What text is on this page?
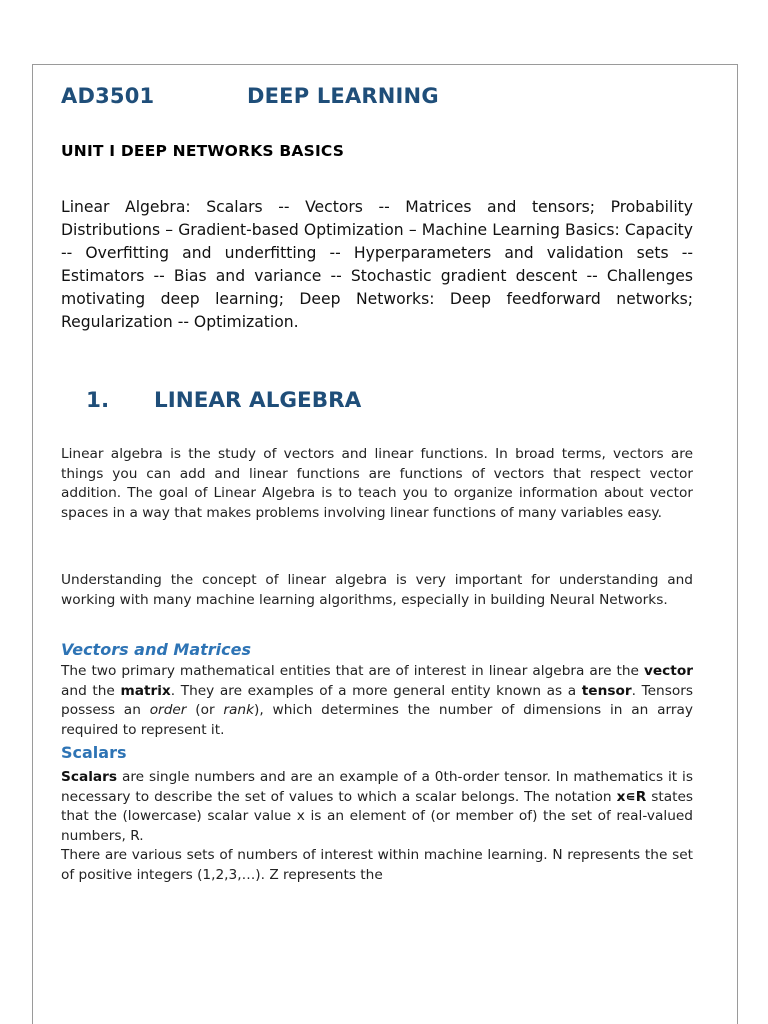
AD3501	DEEP LEARNING
UNIT I DEEP NETWORKS BASICS
Linear Algebra: Scalars -- Vectors -- Matrices and tensors; Probability Distributions – Gradient-based Optimization – Machine Learning Basics: Capacity -- Overfitting and underfitting -- Hyperparameters and validation sets -- Estimators -- Bias and variance -- Stochastic gradient descent -- Challenges motivating deep learning; Deep Networks: Deep feedforward networks; Regularization -- Optimization.
1. LINEAR ALGEBRA
Linear algebra is the study of vectors and linear functions. In broad terms, vectors are things you can add and linear functions are functions of vectors that respect vector addition. The goal of Linear Algebra is to teach you to organize information about vector spaces in a way that makes problems involving linear functions of many variables easy.
Understanding the concept of linear algebra is very important for understanding and working with many machine learning algorithms, especially in building Neural Networks.
Vectors and Matrices
The two primary mathematical entities that are of interest in linear algebra are the vector and the matrix. They are examples of a more general entity known as a tensor. Tensors possess an order (or rank), which determines the number of dimensions in an array required to represent it.
Scalars
Scalars are single numbers and are an example of a 0th-order tensor. In mathematics it is necessary to describe the set of values to which a scalar belongs. The notation x∊R states that the (lowercase) scalar value x is an element of (or member of) the set of real-valued numbers, R.
There are various sets of numbers of interest within machine learning. N represents the set of positive integers (1,2,3,…). Z represents the
